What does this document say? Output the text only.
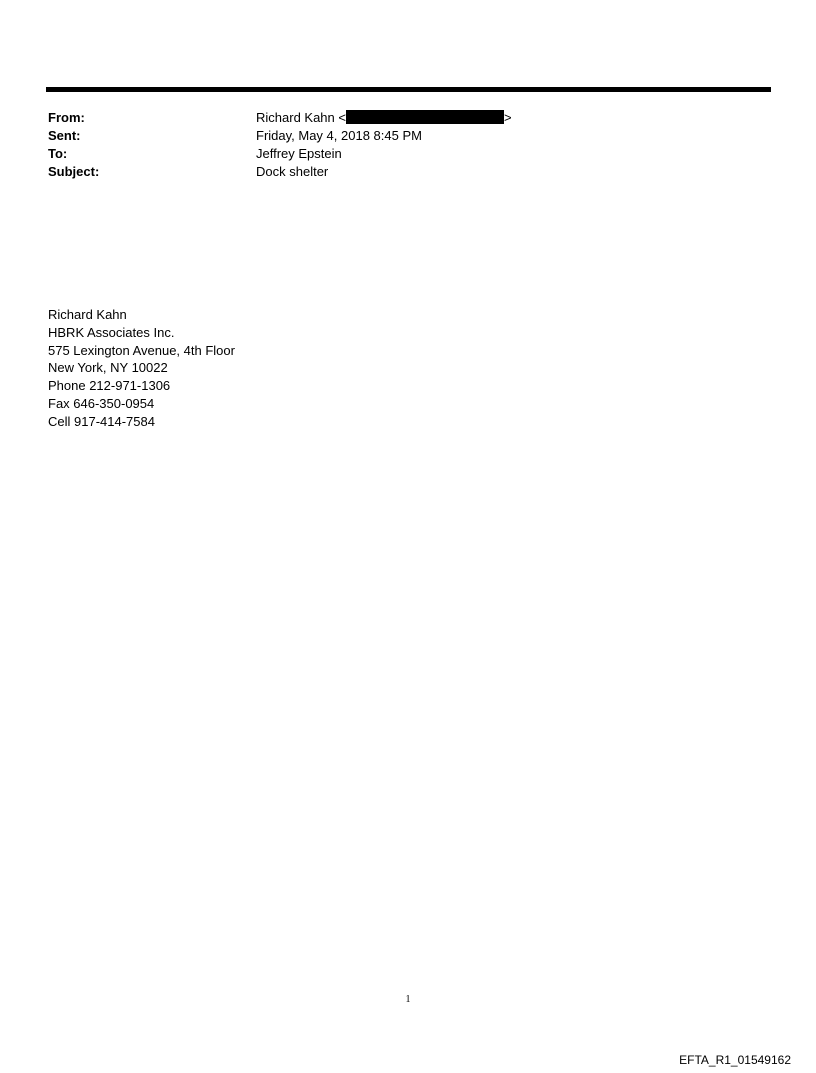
From:	Richard Kahn <	>
Sent:	Friday, May 4, 2018 8:45 PM
To:	Jeffrey Epstein
Subject:	Dock shelter
Richard Kahn
HBRK Associates Inc.
575 Lexington Avenue, 4th Floor
New York, NY 10022
Phone 212-971-1306
Fax 646-350-0954
Cell 917-414-7584
1
EFTA_R1_01549162
